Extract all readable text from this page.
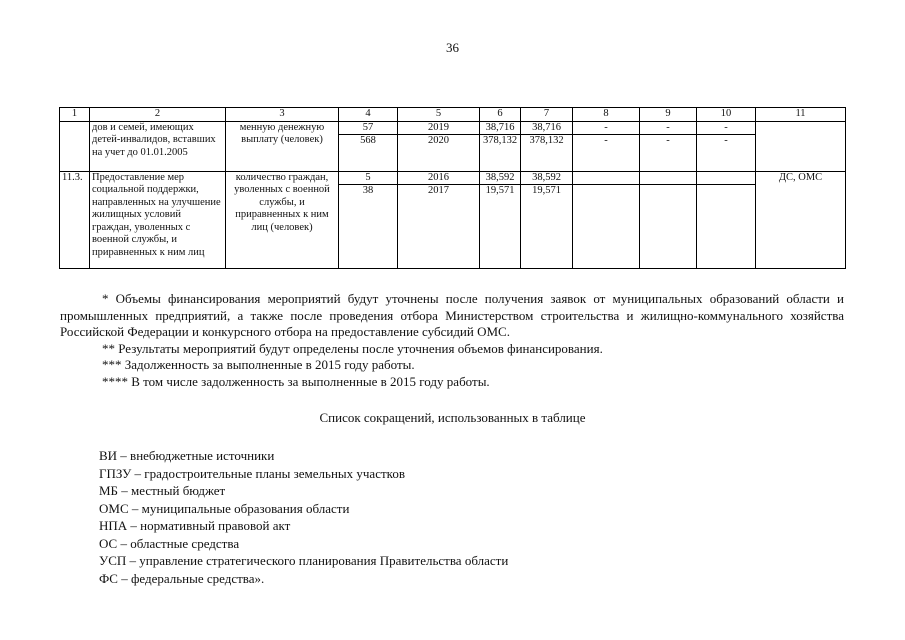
36
1	2	3	4	5	6	7	8	9	10	11
	дов и семей, имеющих детей-инвалидов, вставших на учет до 01.01.2005	менную денежную выплату (человек)	57	2019	38,716	38,716	-	-	-	
			568	2020	378,132	378,132	-	-	-	
11.3.	Предоставление мер социальной поддержки, направленных на улучшение жилищных условий граждан, уволенных с военной службы, и приравненных к ним лиц	количество граждан, уволенных с военной службы, и приравненных к ним лиц (человек)	5	2016	38,592	38,592				ДС, ОМС
			38	2017	19,571	19,571				

* Объемы финансирования мероприятий будут уточнены после получения заявок от муниципальных образований области и промышленных предприятий, а также после проведения отбора Министерством строительства и жилищно-коммунального хозяйства Российской Федерации и конкурсного отбора на предоставление субсидий ОМС.

** Результаты мероприятий будут определены после уточнения объемов финансирования.

*** Задолженность за выполненные в 2015 году работы.

**** В том числе задолженность за выполненные в 2015 году работы.

Список сокращений, использованных в таблице
ВИ – внебюджетные источники
ГПЗУ – градостроительные планы земельных участков
МБ – местный бюджет
ОМС – муниципальные образования области
НПА – нормативный правовой акт
ОС – областные средства
УСП – управление стратегического планирования Правительства области
ФС – федеральные средства».
